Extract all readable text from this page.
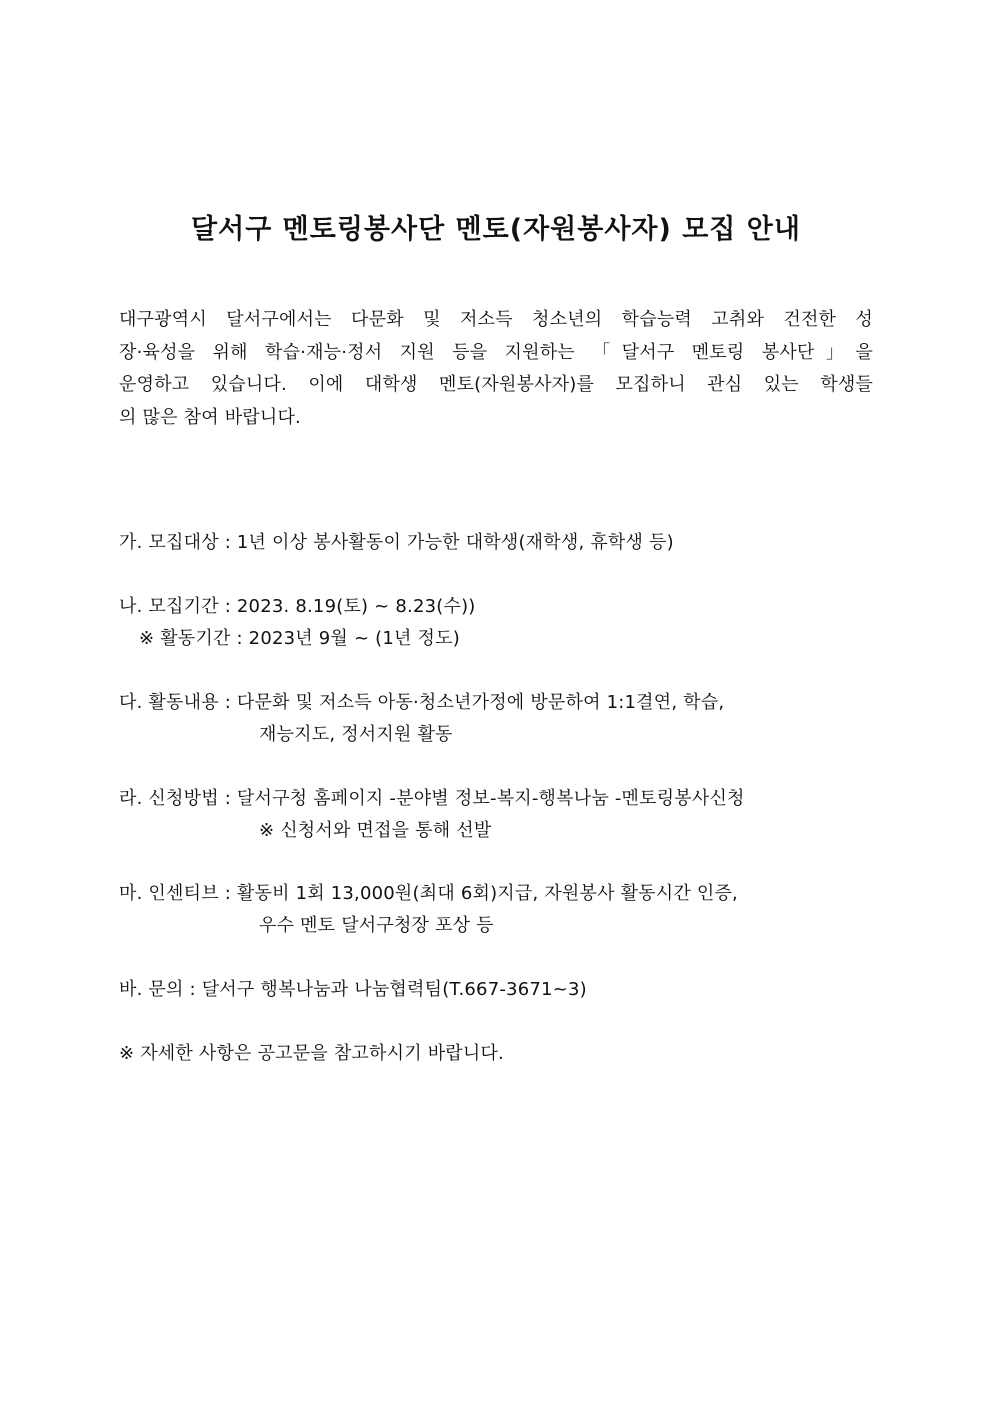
달서구 멘토링봉사단 멘토(자원봉사자) 모집 안내
대구광역시 달서구에서는 다문화 및 저소득 청소년의 학습능력 고취와 건전한 성
장·육성을 위해 학습·재능·정서 지원 등을 지원하는 「달서구 멘토링 봉사단」을
운영하고 있습니다. 이에 대학생 멘토(자원봉사자)를 모집하니 관심 있는 학생들
의 많은 참여 바랍니다.
가. 모집대상 : 1년 이상 봉사활동이 가능한 대학생(재학생, 휴학생 등)
나. 모집기간 : 2023. 8.19(토) ~ 8.23(수))
※ 활동기간 : 2023년 9월 ~ (1년 정도)
다. 활동내용 : 다문화 및 저소득 아동·청소년가정에 방문하여 1:1결연, 학습,
재능지도, 정서지원 활동
라. 신청방법 : 달서구청 홈페이지 -분야별 정보-복지-행복나눔 -멘토링봉사신청
※ 신청서와 면접을 통해 선발
마. 인센티브 : 활동비 1회 13,000원(최대 6회)지급, 자원봉사 활동시간 인증,
우수 멘토 달서구청장 포상 등
바. 문의 : 달서구 행복나눔과 나눔협력팀(T.667-3671~3)
※ 자세한 사항은 공고문을 참고하시기 바랍니다.
